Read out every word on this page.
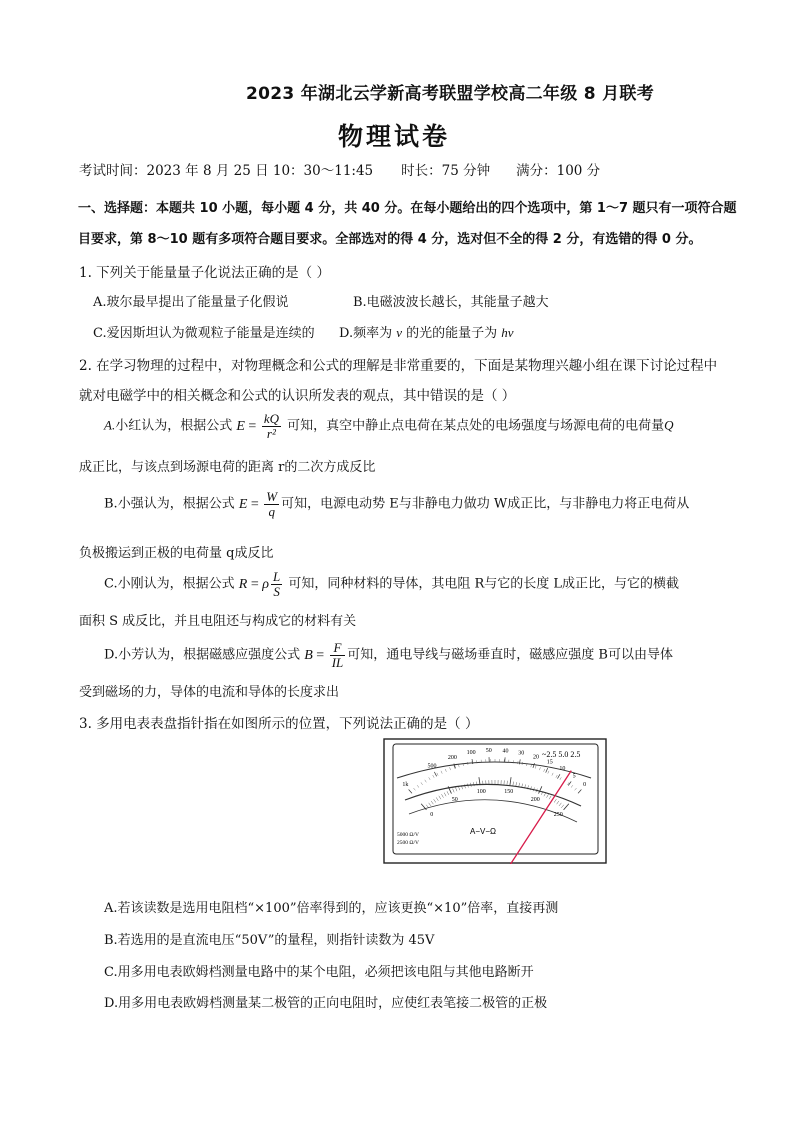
2023 年湖北云学新高考联盟学校高二年级 8 月联考
物理试卷
考试时间：2023 年 8 月 25 日 10：30～11:45 时长：75 分钟 满分：100 分
一、选择题：本题共 10 小题，每小题 4 分，共 40 分。在每小题给出的四个选项中，第 1～7 题只有一项符合题
目要求，第 8～10 题有多项符合题目要求。全部选对的得 4 分，选对但不全的得 2 分，有选错的得 0 分。
1. 下列关于能量量子化说法正确的是（ ）
A.玻尔最早提出了能量量子化假说	B.电磁波波长越长，其能量子越大
C.爱因斯坦认为微观粒子能量是连续的 D.频率为 ν 的光的能量子为 hν
2. 在学习物理的过程中，对物理概念和公式的理解是非常重要的，下面是某物理兴趣小组在课下讨论过程中
就对电磁学中的相关概念和公式的认识所发表的观点，其中错误的是（ ）
A.小红认为，根据公式 $E = \frac{kQ}{\text{r²}}$ 可知，真空中静止点电荷在某点处的电场强度与场源电荷的电荷量Q
成正比，与该点到场源电荷的距离 r的二次方成反比
B.小强认为，根据公式 $E = \frac{W}{q}$ 可知，电源电动势 E与非静电力做功 W成正比，与非静电力将正电荷从
负极搬运到正极的电荷量 q成反比
C.小刚认为，根据公式 R = ρ $\frac{L}{S}$ 可知，同种材料的导体，其电阻 R与它的长度 L成正比，与它的横截
面积 S 成反比，并且电阻还与构成它的材料有关
D.小芳认为，根据磁感应强度公式 $B = \frac{F}{IL}$ 可知，通电导线与磁场垂直时，磁感应强度 B可以由导体
受到磁场的力，导体的电流和导体的长度求出
3. 多用电表表盘指针指在如图所示的位置，下列说法正确的是（ ）
1k
500
200
100 50 40 30
20
15
10
5
0
0
50
100	150
200
250
~2.5 5.0 2.5
A−V−Ω
5000 Ω/V
2500 Ω/V
A.若该读数是选用电阻档“×100”倍率得到的，应该更换“×10”倍率，直接再测
B.若选用的是直流电压“50V”的量程，则指针读数为 45V
C.用多用电表欧姆档测量电路中的某个电阻，必须把该电阻与其他电路断开
D.用多用电表欧姆档测量某二极管的正向电阻时，应使红表笔接二极管的正极
